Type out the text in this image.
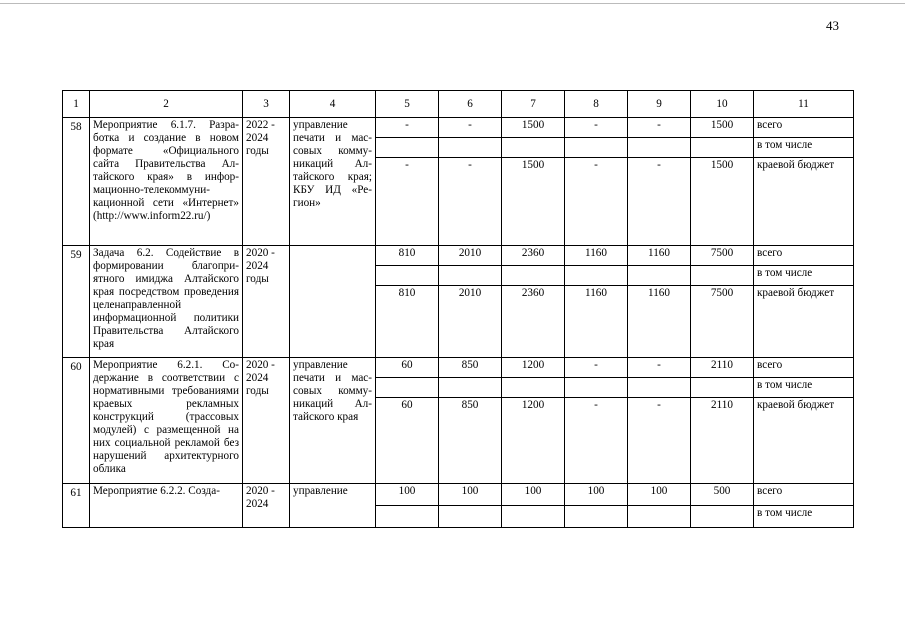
43
1	2	3	4	5	6	7	8	9	10	11
58	Мероприятие 6.1.7. Разработка и создание в новом формате «Официального сайта Правительства Алтайского края» в информационно-телекоммуникационной сети «Интернет» (http://www.inform22.ru/)	2022 - 2024 годы	управление печати и массовых коммуникаций Алтайского края; КБУ ИД «Регион»	-	-	1500	-	-	1500	всего
										в том числе
				-	-	1500	-	-	1500	краевой бюджет
59	Задача 6.2. Содействие в формировании благоприятного имиджа Алтайского края посредством проведения целенаправленной информационной политики Правительства Алтайского края	2020 - 2024 годы		810	2010	2360	1160	1160	7500	всего
										в том числе
				810	2010	2360	1160	1160	7500	краевой бюджет
60	Мероприятие 6.2.1. Содержание в соответствии с нормативными требованиями краевых рекламных конструкций (трассовых модулей) с размещенной на них социальной рекламой без нарушений архитектурного облика	2020 - 2024 годы	управление печати и массовых коммуникаций Алтайского края	60	850	1200	-	-	2110	всего
										в том числе
				60	850	1200	-	-	2110	краевой бюджет
61	Мероприятие 6.2.2. Созда-	2020 - 2024	управление	100	100	100	100	100	500	всего
										в том числе
